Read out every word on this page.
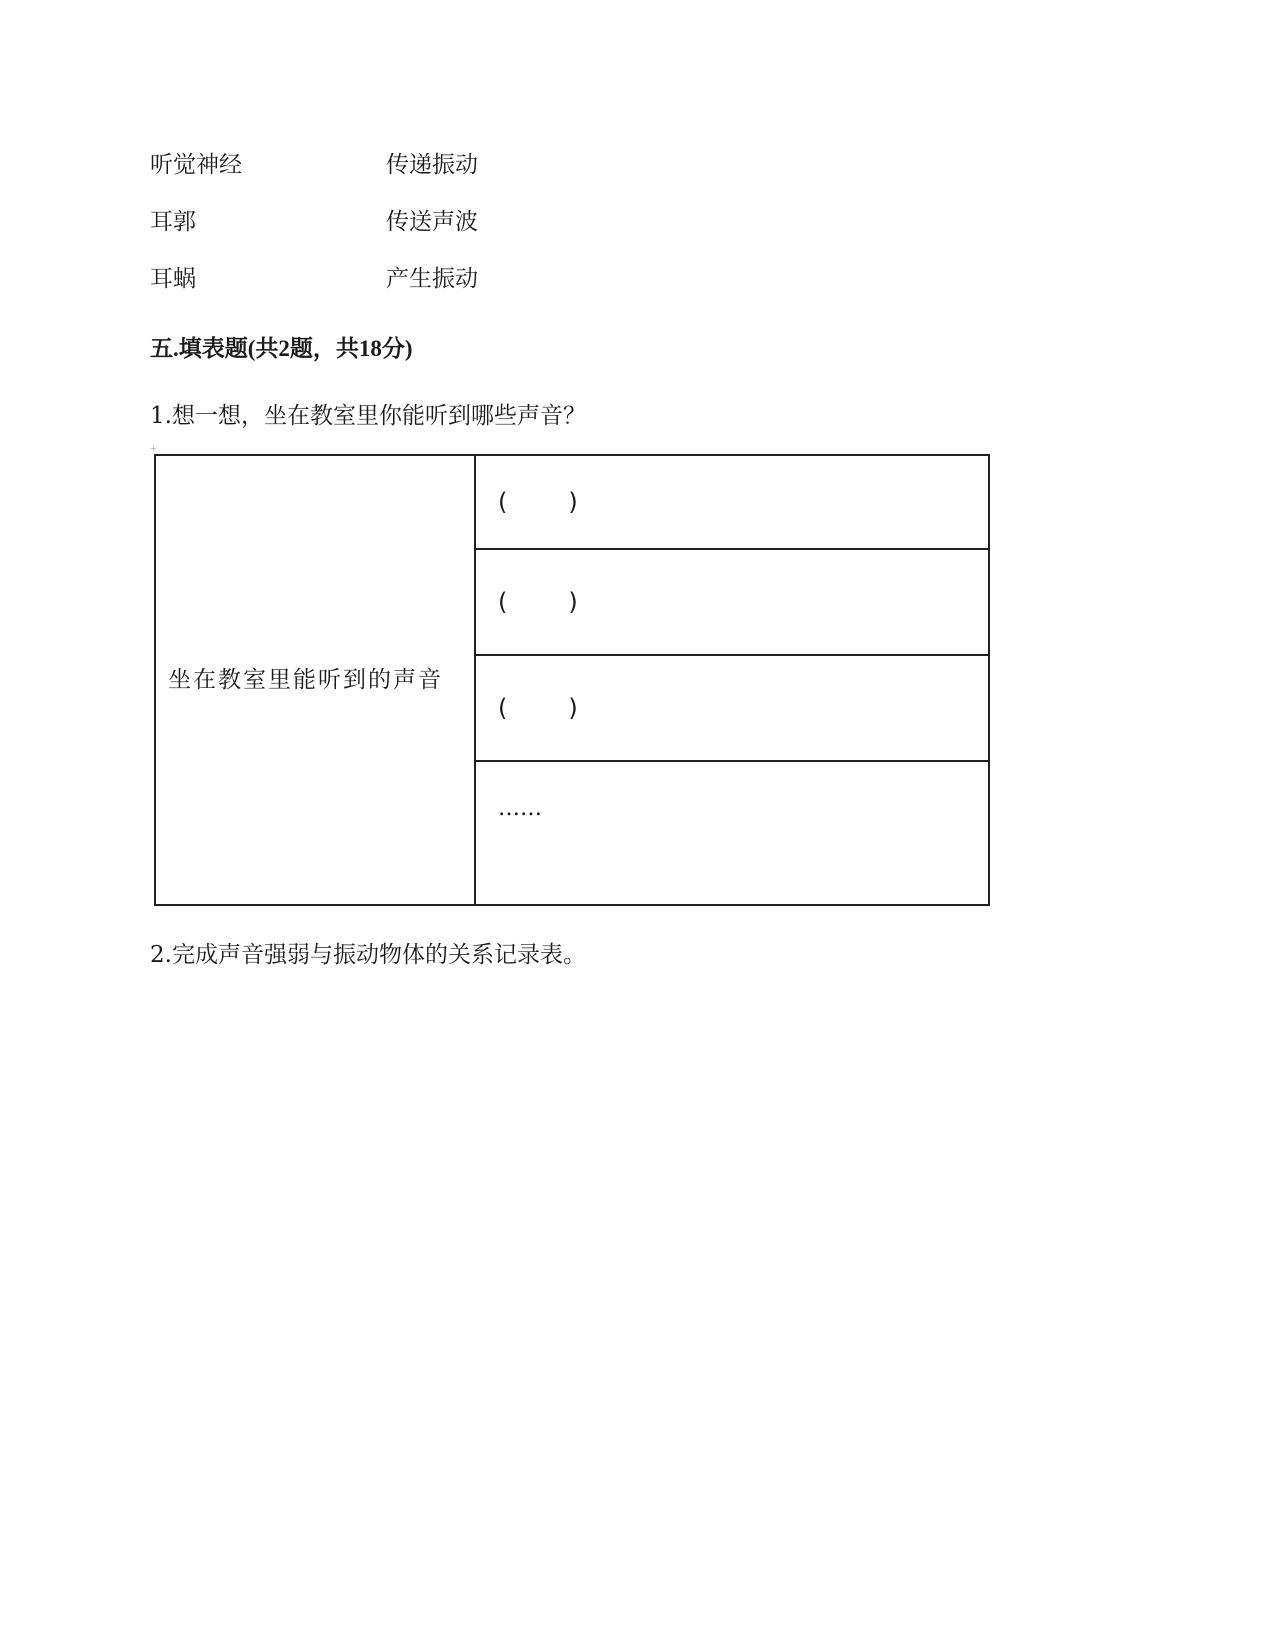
听觉神经	传递振动
耳郭	传送声波
耳蜗	产生振动
五.填表题(共2题，共18分)
1.想一想，坐在教室里你能听到哪些声音？
+
坐在教室里能听到的声音	(        )
(        )
(        )
……
2.完成声音强弱与振动物体的关系记录表。
